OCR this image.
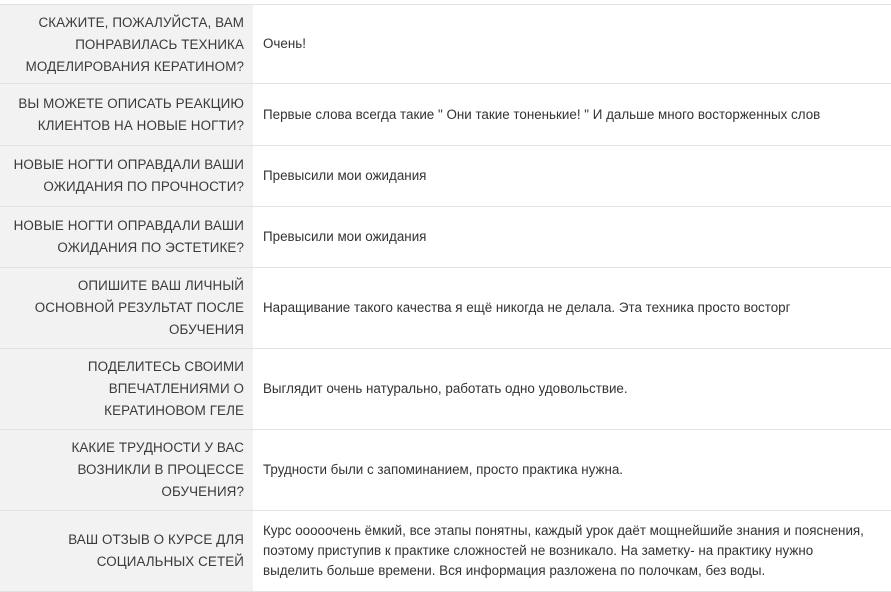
СКАЖИТЕ, ПОЖАЛУЙСТА, ВАМ
ПОНРАВИЛАСЬ ТЕХНИКА
МОДЕЛИРОВАНИЯ КЕРАТИНОМ?
Очень!
ВЫ МОЖЕТЕ ОПИСАТЬ РЕАКЦИЮ
КЛИЕНТОВ НА НОВЫЕ НОГТИ?
Первые слова всегда такие " Они такие тоненькие! " И дальше много восторженных слов
НОВЫЕ НОГТИ ОПРАВДАЛИ ВАШИ
ОЖИДАНИЯ ПО ПРОЧНОСТИ?
Превысили мои ожидания
НОВЫЕ НОГТИ ОПРАВДАЛИ ВАШИ
ОЖИДАНИЯ ПО ЭСТЕТИКЕ?
Превысили мои ожидания
ОПИШИТЕ ВАШ ЛИЧНЫЙ
ОСНОВНОЙ РЕЗУЛЬТАТ ПОСЛЕ
ОБУЧЕНИЯ
Наращивание такого качества я ещё никогда не делала. Эта техника просто восторг
ПОДЕЛИТЕСЬ СВОИМИ
ВПЕЧАТЛЕНИЯМИ О
КЕРАТИНОВОМ ГЕЛЕ
Выглядит очень натурально, работать одно удовольствие.
КАКИЕ ТРУДНОСТИ У ВАС
ВОЗНИКЛИ В ПРОЦЕССЕ
ОБУЧЕНИЯ?
Трудности были с запоминанием, просто практика нужна.
ВАШ ОТЗЫВ О КУРСЕ ДЛЯ
СОЦИАЛЬНЫХ СЕТЕЙ
Курс ооооочень ёмкий, все этапы понятны, каждый урок даёт мощнейшийе знания и пояснения,
поэтому приступив к практике сложностей не возникало. На заметку- на практику нужно
выделить больше времени. Вся информация разложена по полочкам, без воды.
